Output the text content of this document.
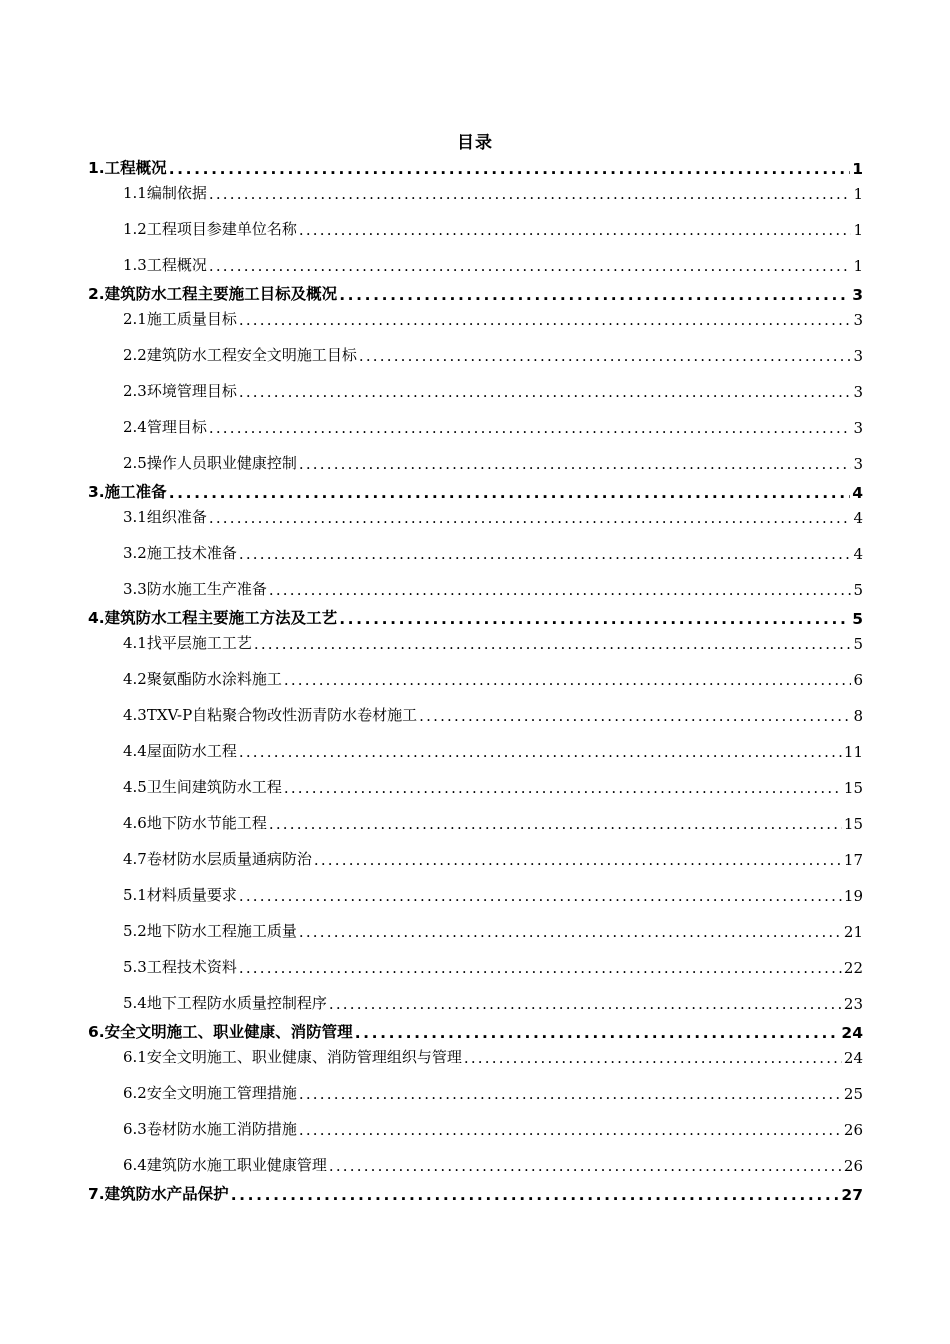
目录
1.工程概况 .....	1
1.1编制依据 .....	1
1.2工程项目参建单位名称 .....	1
1.3工程概况 .....	1
2.建筑防水工程主要施工目标及概况 .....	3
2.1施工质量目标 .....	3
2.2建筑防水工程安全文明施工目标 .....	3
2.3环境管理目标 .....	3
2.4管理目标 .....	3
2.5操作人员职业健康控制 .....	3
3.施工准备 .....	4
3.1组织准备 .....	4
3.2施工技术准备 .....	4
3.3防水施工生产准备 .....	5
4.建筑防水工程主要施工方法及工艺 .....	5
4.1找平层施工工艺 .....	5
4.2聚氨酯防水涂料施工 .....	6
4.3TXV-P自粘聚合物改性沥青防水卷材施工 .....	8
4.4屋面防水工程 .....	11
4.5卫生间建筑防水工程 .....	15
4.6地下防水节能工程 .....	15
4.7卷材防水层质量通病防治 .....	17
5.1材料质量要求 .....	19
5.2地下防水工程施工质量 .....	21
5.3工程技术资料 .....	22
5.4地下工程防水质量控制程序 .....	23
6.安全文明施工、职业健康、消防管理 .....	24
6.1安全文明施工、职业健康、消防管理组织与管理 .....	24
6.2安全文明施工管理措施 .....	25
6.3卷材防水施工消防措施 .....	26
6.4建筑防水施工职业健康管理 .....	26
7.建筑防水产品保护 .....	27
